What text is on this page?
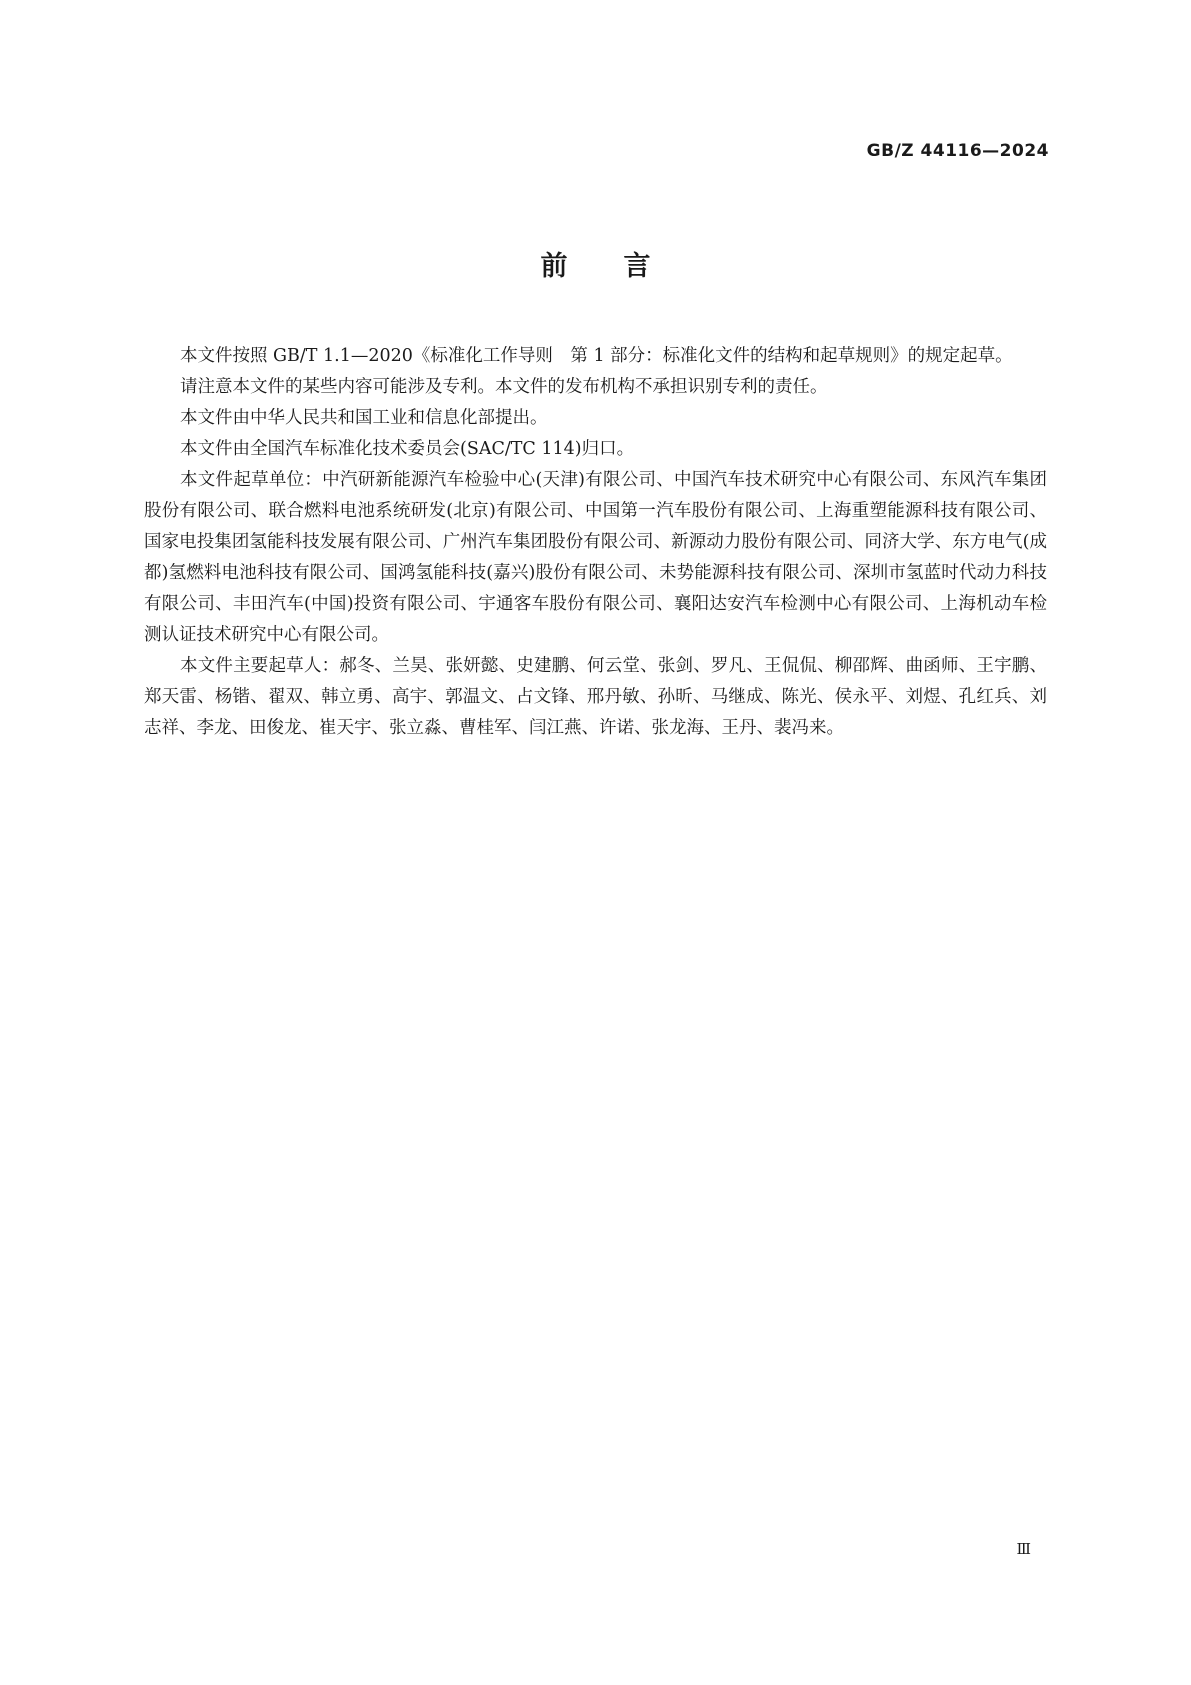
GB/Z 44116—2024
前言

本文件按照 GB/T 1.1—2020《标准化工作导则　第 1 部分：标准化文件的结构和起草规则》的规定起草。

请注意本文件的某些内容可能涉及专利。本文件的发布机构不承担识别专利的责任。

本文件由中华人民共和国工业和信息化部提出。

本文件由全国汽车标准化技术委员会(SAC/TC 114)归口。

本文件起草单位：中汽研新能源汽车检验中心(天津)有限公司、中国汽车技术研究中心有限公司、东风汽车集团股份有限公司、联合燃料电池系统研发(北京)有限公司、中国第一汽车股份有限公司、上海重塑能源科技有限公司、国家电投集团氢能科技发展有限公司、广州汽车集团股份有限公司、新源动力股份有限公司、同济大学、东方电气(成都)氢燃料电池科技有限公司、国鸿氢能科技(嘉兴)股份有限公司、未势能源科技有限公司、深圳市氢蓝时代动力科技有限公司、丰田汽车(中国)投资有限公司、宇通客车股份有限公司、襄阳达安汽车检测中心有限公司、上海机动车检测认证技术研究中心有限公司。

本文件主要起草人：郝冬、兰昊、张妍懿、史建鹏、何云堂、张剑、罗凡、王侃侃、柳邵辉、曲函师、王宇鹏、郑天雷、杨锴、翟双、韩立勇、高宇、郭温文、占文锋、邢丹敏、孙昕、马继成、陈光、侯永平、刘煜、孔红兵、刘志祥、李龙、田俊龙、崔天宇、张立淼、曹桂军、闫江燕、许诺、张龙海、王丹、裴冯来。

Ⅲ
